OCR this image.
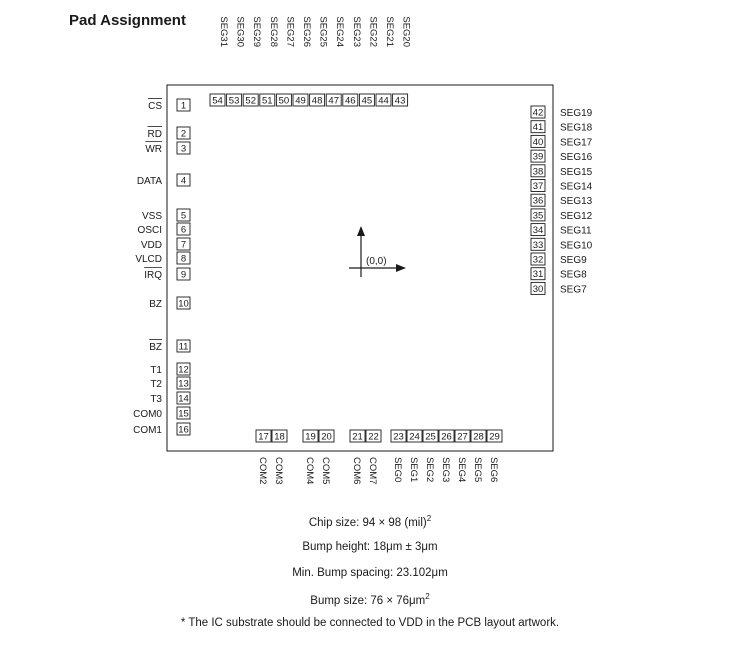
Pad Assignment
(0,0)
1
CS
2
RD
3
WR
4
DATA
5
VSS
6
OSCI
7
VDD
8
VLCD
9
IRQ
10
BZ
11
BZ
12
T1
13
T2
14
T3
15
COM0
16
COM1
42 SEG19
41 SEG18
40 SEG17
39 SEG16
38 SEG15
37 SEG14
36 SEG13
35 SEG12
34 SEG11
33 SEG10
32 SEG9
31 SEG8
30 SEG7
54
SEG31
53
SEG30
52
SEG29
51
SEG28
50
SEG27
49
SEG26
48
SEG25
47
SEG24
46
SEG23
45
SEG22
44
SEG21
43
SEG20
17
COM2
18
COM3
19
COM4
20
COM5
21
COM6
22
COM7
23
SEG0
24
SEG1
25
SEG2
26
SEG3
27
SEG4
28
SEG5
29
SEG6
Chip size: 94 × 98 (mil)$^2$
Bump height: 18μm ± 3μm
Min. Bump spacing: 23.102μm
Bump size: $76 \times 76\mu m^2$
* The IC substrate should be connected to VDD in the PCB layout artwork.
